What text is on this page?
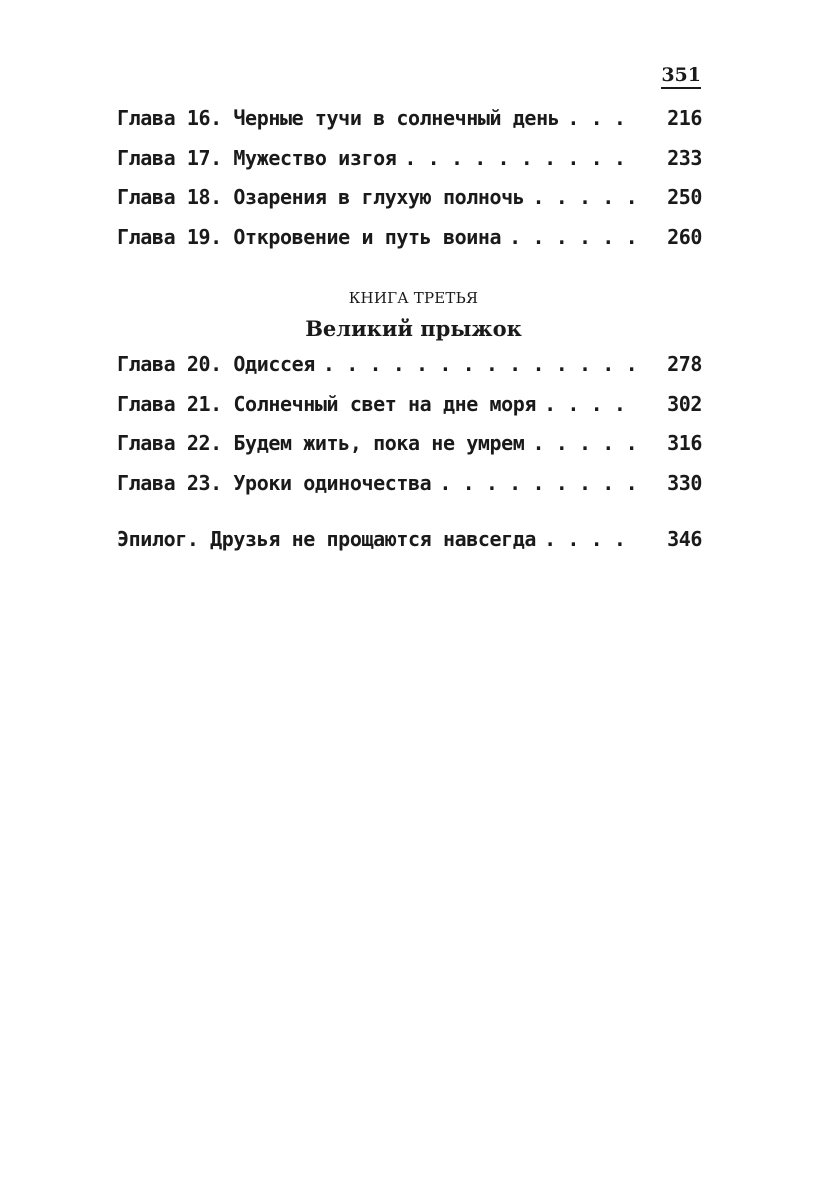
351
Глава 16. Черные тучи в солнечный день . . .	216
Глава 17. Мужество изгоя . . .	233
Глава 18. Озарения в глухую полночь . . .	250
Глава 19. Откровение и путь воина . . .	260
КНИГА ТРЕТЬЯ
Великий прыжок
Глава 20. Одиссея . . .	278
Глава 21. Солнечный свет на дне моря . . .	302
Глава 22. Будем жить, пока не умрем . . .	316
Глава 23. Уроки одиночества . . .	330
Эпилог. Друзья не прощаются навсегда . . .	346
